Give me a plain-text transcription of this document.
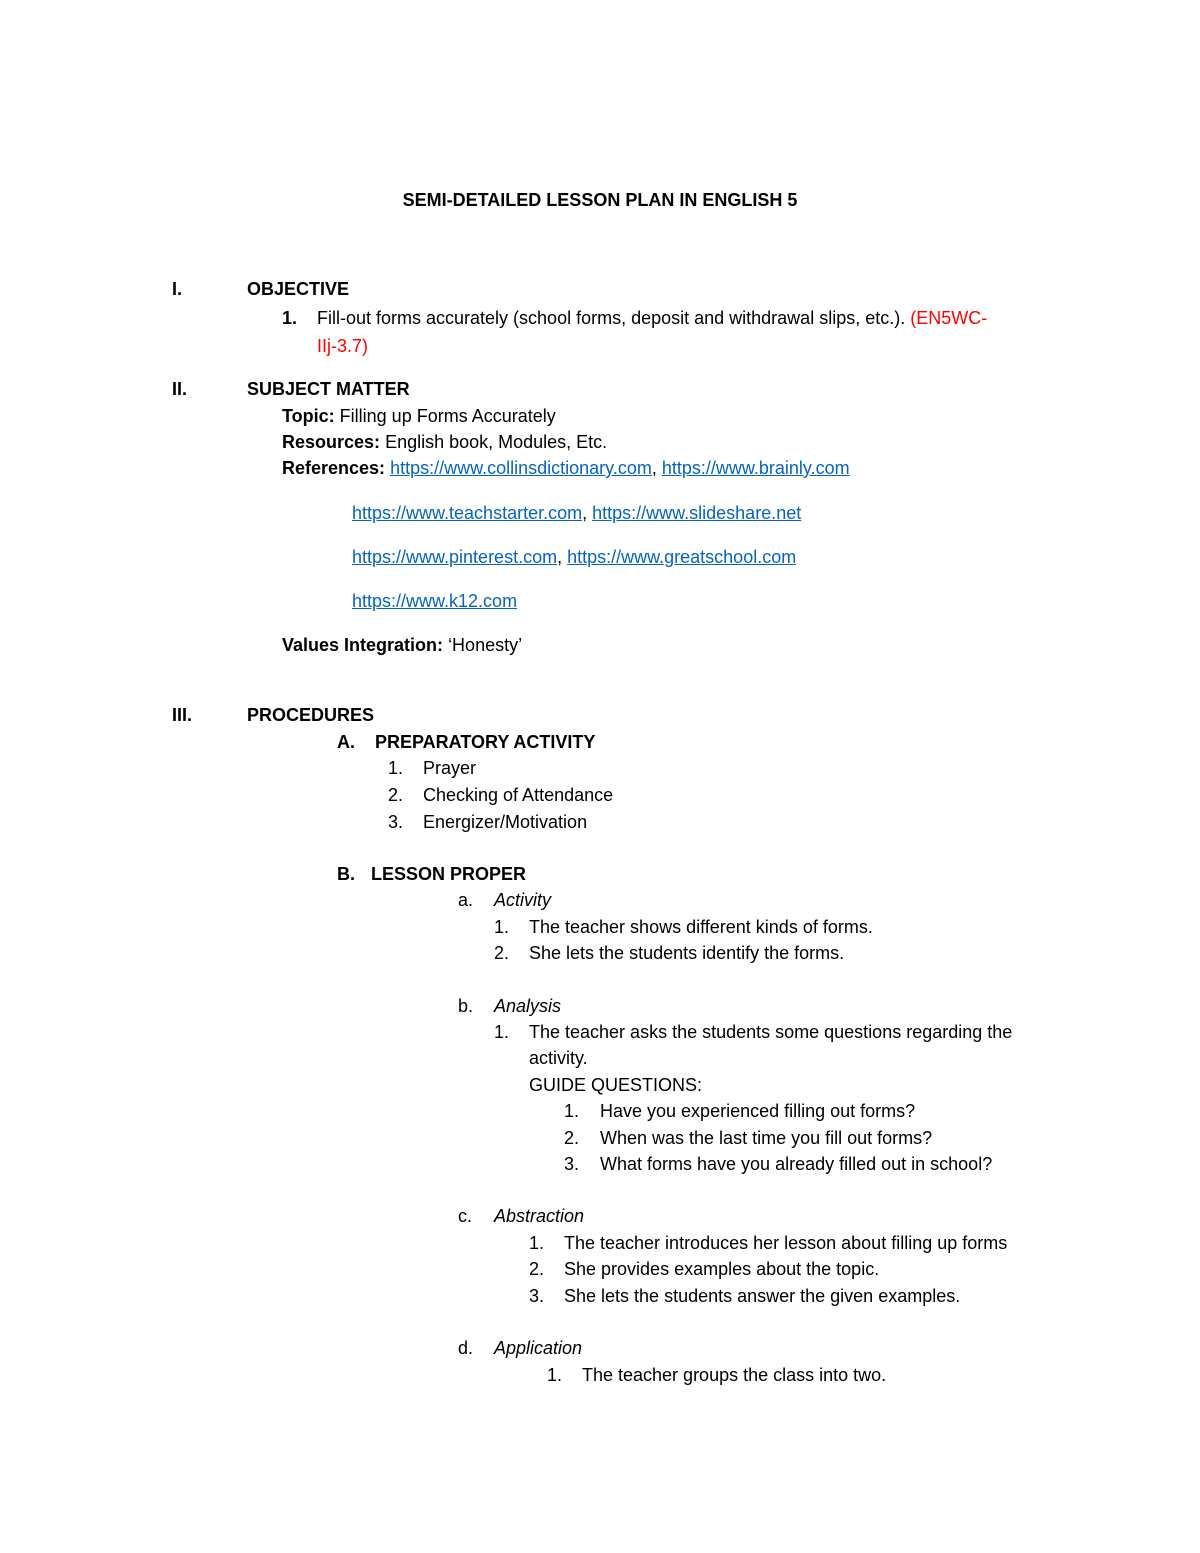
SEMI-DETAILED LESSON PLAN IN ENGLISH 5
I.	OBJECTIVE
1. Fill-out forms accurately (school forms, deposit and withdrawal slips, etc.). (EN5WC-
IIj-3.7)
II.	SUBJECT MATTER
Topic: Filling up Forms Accurately
Resources: English book, Modules, Etc.
References: https://www.collinsdictionary.com, https://www.brainly.com
https://www.teachstarter.com, https://www.slideshare.net
https://www.pinterest.com, https://www.greatschool.com
https://www.k12.com
Values Integration: ‘Honesty’
III.	PROCEDURES
A. PREPARATORY ACTIVITY
1. Prayer
2. Checking of Attendance
3. Energizer/Motivation
B. LESSON PROPER
a. Activity
1. The teacher shows different kinds of forms.
2. She lets the students identify the forms.
b. Analysis
1. The teacher asks the students some questions regarding the
activity.
GUIDE QUESTIONS:
1. Have you experienced filling out forms?
2. When was the last time you fill out forms?
3. What forms have you already filled out in school?
c. Abstraction
1. The teacher introduces her lesson about filling up forms
2. She provides examples about the topic.
3. She lets the students answer the given examples.
d. Application
1. The teacher groups the class into two.
